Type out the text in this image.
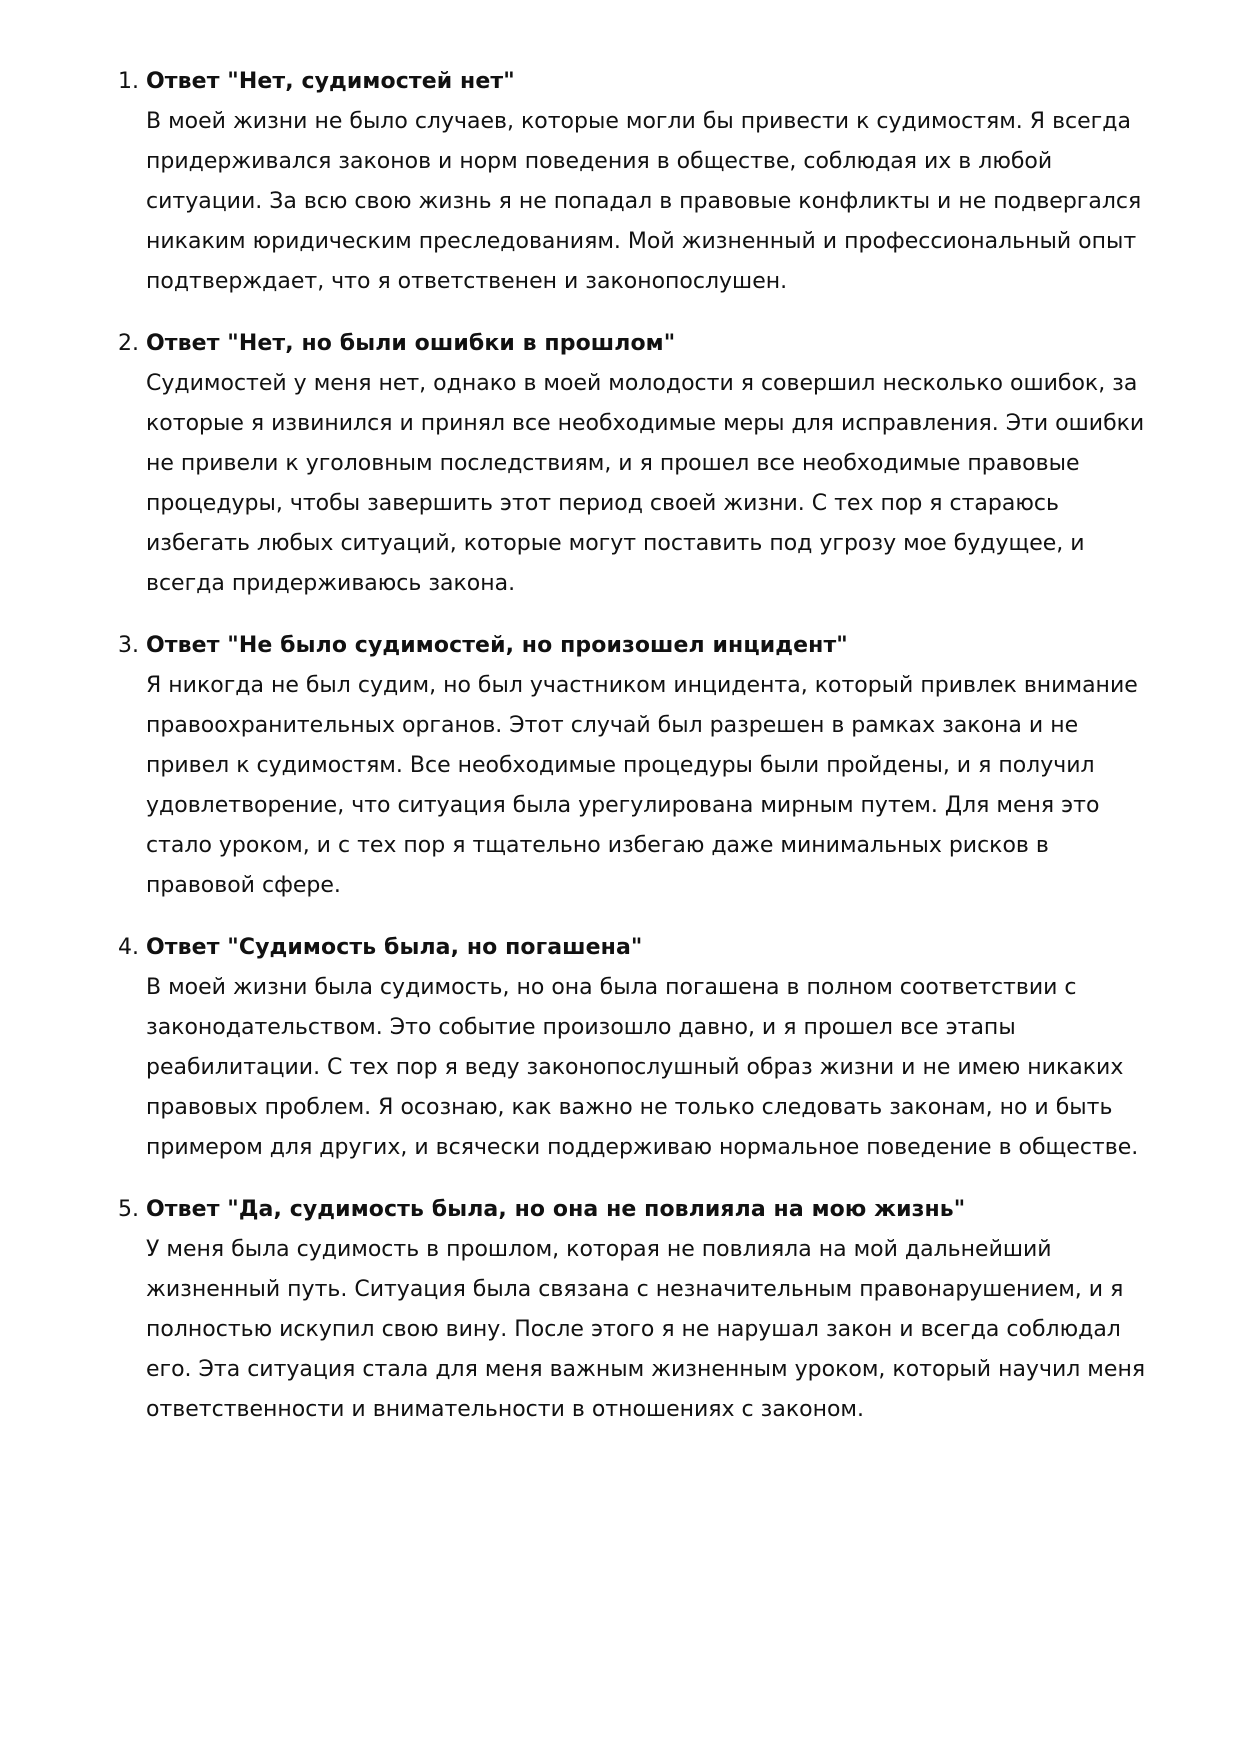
1. Ответ "Нет, судимостей нет"

В моей жизни не было случаев, которые могли бы привести к судимостям. Я всегда придерживался законов и норм поведения в обществе, соблюдая их в любой ситуации. За всю свою жизнь я не попадал в правовые конфликты и не подвергался никаким юридическим преследованиям. Мой жизненный и профессиональный опыт подтверждает, что я ответственен и законопослушен.

2. Ответ "Нет, но были ошибки в прошлом"

Судимостей у меня нет, однако в моей молодости я совершил несколько ошибок, за которые я извинился и принял все необходимые меры для исправления. Эти ошибки не привели к уголовным последствиям, и я прошел все необходимые правовые процедуры, чтобы завершить этот период своей жизни. С тех пор я стараюсь избегать любых ситуаций, которые могут поставить под угрозу мое будущее, и всегда придерживаюсь закона.

3. Ответ "Не было судимостей, но произошел инцидент"

Я никогда не был судим, но был участником инцидента, который привлек внимание правоохранительных органов. Этот случай был разрешен в рамках закона и не привел к судимостям. Все необходимые процедуры были пройдены, и я получил удовлетворение, что ситуация была урегулирована мирным путем. Для меня это стало уроком, и с тех пор я тщательно избегаю даже минимальных рисков в правовой сфере.

4. Ответ "Судимость была, но погашена"

В моей жизни была судимость, но она была погашена в полном соответствии с законодательством. Это событие произошло давно, и я прошел все этапы реабилитации. С тех пор я веду законопослушный образ жизни и не имею никаких правовых проблем. Я осознаю, как важно не только следовать законам, но и быть примером для других, и всячески поддерживаю нормальное поведение в обществе.

5. Ответ "Да, судимость была, но она не повлияла на мою жизнь"

У меня была судимость в прошлом, которая не повлияла на мой дальнейший жизненный путь. Ситуация была связана с незначительным правонарушением, и я полностью искупил свою вину. После этого я не нарушал закон и всегда соблюдал его. Эта ситуация стала для меня важным жизненным уроком, который научил меня ответственности и внимательности в отношениях с законом.
